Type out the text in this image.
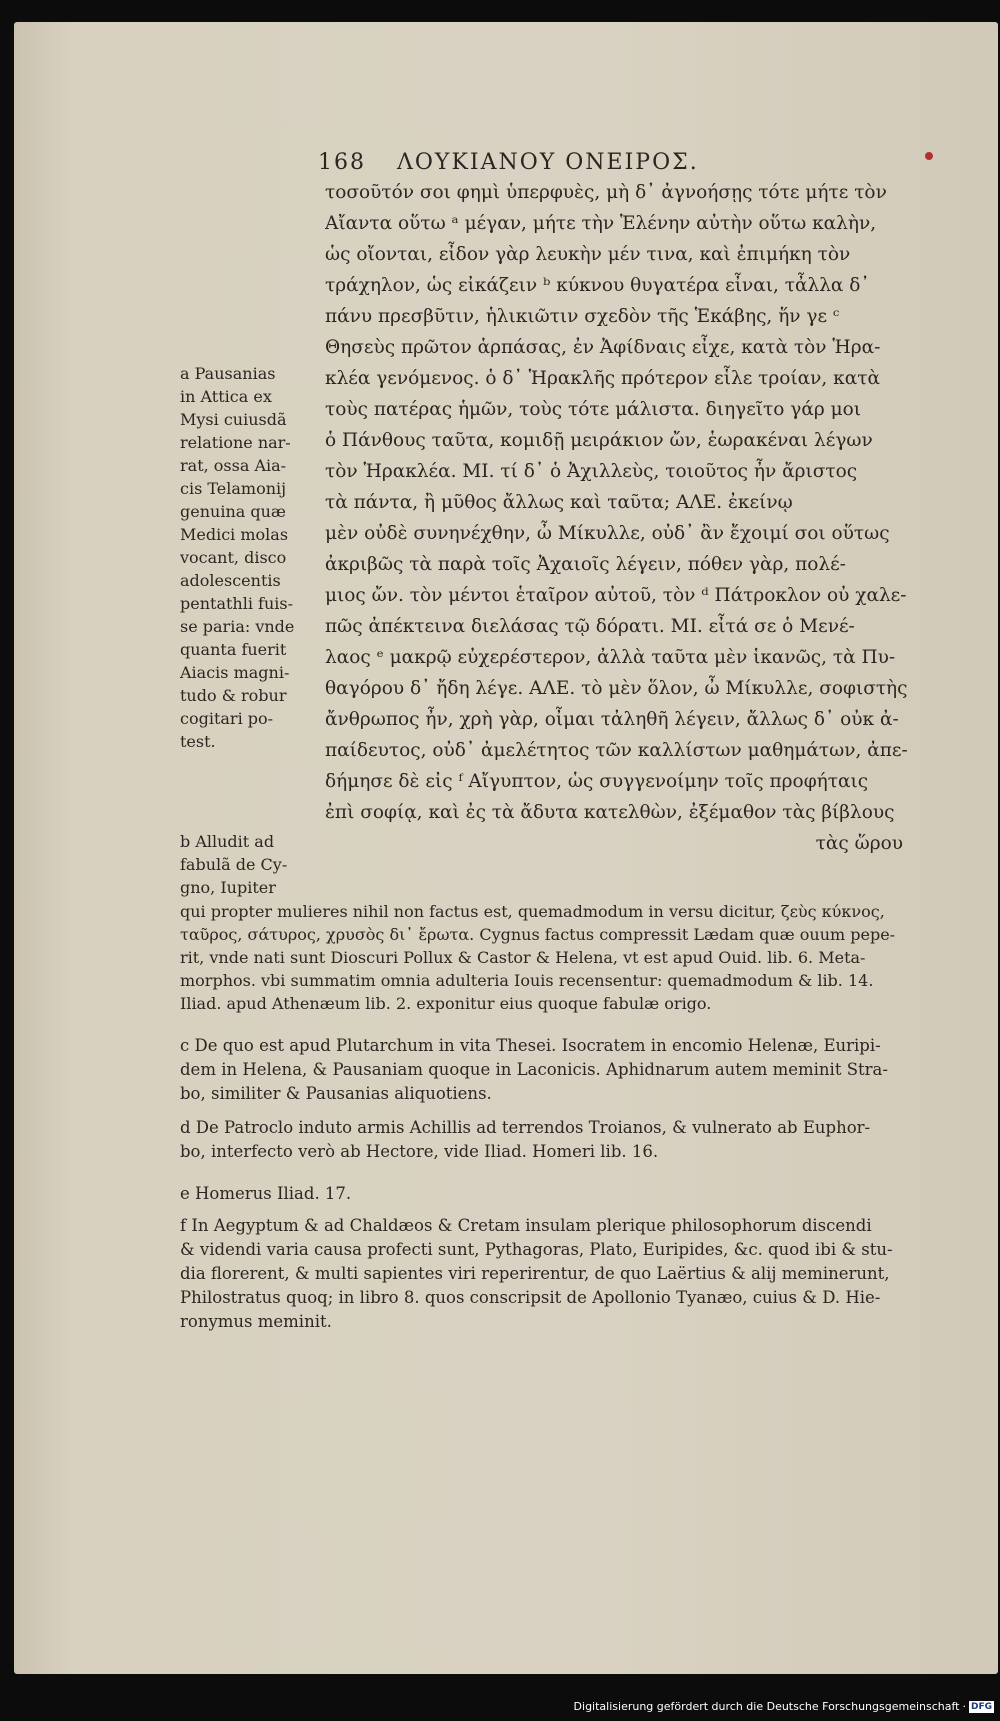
168 ΛΟΥΚΙΑΝΟΥ ΟΝΕΙΡΟΣ.
τοσοῦτόν σοι φημὶ ὑπερφυὲς, μὴ δ᾽ ἀγνοήσῃς τότε μήτε τὸν
Αἴαντα οὕτω ᵃ μέγαν, μήτε τὴν Ἑλένην αὐτὴν οὕτω καλὴν,
ὡς οἴονται, εἶδον γὰρ λευκὴν μέν τινα, καὶ ἐπιμήκη τὸν
τράχηλον, ὡς εἰκάζειν ᵇ κύκνου θυγατέρα εἶναι, τἆλλα δ᾽
πάνυ πρεσβῦτιν, ἡλικιῶτιν σχεδὸν τῆς Ἑκάβης, ἥν γε ᶜ
Θησεὺς πρῶτον ἁρπάσας, ἐν Ἀφίδναις εἶχε, κατὰ τὸν Ἡρα-
κλέα γενόμενος. ὁ δ᾽ Ἡρακλῆς πρότερον εἷλε τροίαν, κατὰ
τοὺς πατέρας ἡμῶν, τοὺς τότε μάλιστα. διηγεῖτο γάρ μοι
ὁ Πάνθους ταῦτα, κομιδῇ μειράκιον ὤν, ἑωρακέναι λέγων
τὸν Ἡρακλέα. ΜΙ. τί δ᾽ ὁ Ἀχιλλεὺς, τοιοῦτος ἦν ἄριστος
τὰ πάντα, ἢ μῦθος ἄλλως καὶ ταῦτα; ΑΛΕ. ἐκείνῳ
μὲν οὐδὲ συνηνέχθην, ὦ Μίκυλλε, οὐδ᾽ ἂν ἔχοιμί σοι οὕτως
ἀκριβῶς τὰ παρὰ τοῖς Ἀχαιοῖς λέγειν, πόθεν γὰρ, πολέ-
μιος ὤν. τὸν μέντοι ἑταῖρον αὐτοῦ, τὸν ᵈ Πάτροκλον οὐ χαλε-
πῶς ἀπέκτεινα διελάσας τῷ δόρατι. ΜΙ. εἶτά σε ὁ Μενέ-
λαος ᵉ μακρῷ εὐχερέστερον, ἀλλὰ ταῦτα μὲν ἱκανῶς, τὰ Πυ-
θαγόρου δ᾽ ἤδη λέγε. ΑΛΕ. τὸ μὲν ὅλον, ὦ Μίκυλλε, σοφιστὴς
ἄνθρωπος ἦν, χρὴ γὰρ, οἶμαι τἀληθῆ λέγειν, ἄλλως δ᾽ οὐκ ἀ-
παίδευτος, οὐδ᾽ ἀμελέτητος τῶν καλλίστων μαθημάτων, ἀπε-
δήμησε δὲ εἰς ᶠ Αἴγυπτον, ὡς συγγενοίμην τοῖς προφήταις
ἐπὶ σοφίᾳ, καὶ ἐς τὰ ἄδυτα κατελθὼν, ἐξέμαθον τὰς βίβλους
τὰς ὥρου
a Pausanias
in Attica ex
Mysi cuiusdã
relatione nar-
rat, ossa Aia-
cis Telamonij
genuina quæ
Medici molas
vocant, disco
adolescentis
pentathli fuis-
se paria: vnde
quanta fuerit
Aiacis magni-
tudo & robur
cogitari po-
test.
b Alludit ad
fabulã de Cy-
gno, Iupiter
qui propter mulieres nihil non factus est, quemadmodum in versu dicitur, ζεὺς κύκνος,
ταῦρος, σάτυρος, χρυσὸς δι᾽ ἔρωτα. Cygnus factus compressit Lædam quæ ouum pepe-
rit, vnde nati sunt Dioscuri Pollux & Castor & Helena, vt est apud Ouid. lib. 6. Meta-
morphos. vbi summatim omnia adulteria Iouis recensentur: quemadmodum & lib. 14.
Iliad. apud Athenæum lib. 2. exponitur eius quoque fabulæ origo.
c De quo est apud Plutarchum in vita Thesei. Isocratem in encomio Helenæ, Euripi-
dem in Helena, & Pausaniam quoque in Laconicis. Aphidnarum autem meminit Stra-
bo, similiter & Pausanias aliquotiens.
d De Patroclo induto armis Achillis ad terrendos Troianos, & vulnerato ab Euphor-
bo, interfecto verò ab Hectore, vide Iliad. Homeri lib. 16.
e Homerus Iliad. 17.
f In Aegyptum & ad Chaldæos & Cretam insulam plerique philosophorum discendi
& videndi varia causa profecti sunt, Pythagoras, Plato, Euripides, &c. quod ibi & stu-
dia florerent, & multi sapientes viri reperirentur, de quo Laërtius & alij meminerunt,
Philostratus quoq; in libro 8. quos conscripsit de Apollonio Tyanæo, cuius & D. Hie-
ronymus meminit.
Digitalisierung gefördert durch die Deutsche Forschungsgemeinschaft · DFG
